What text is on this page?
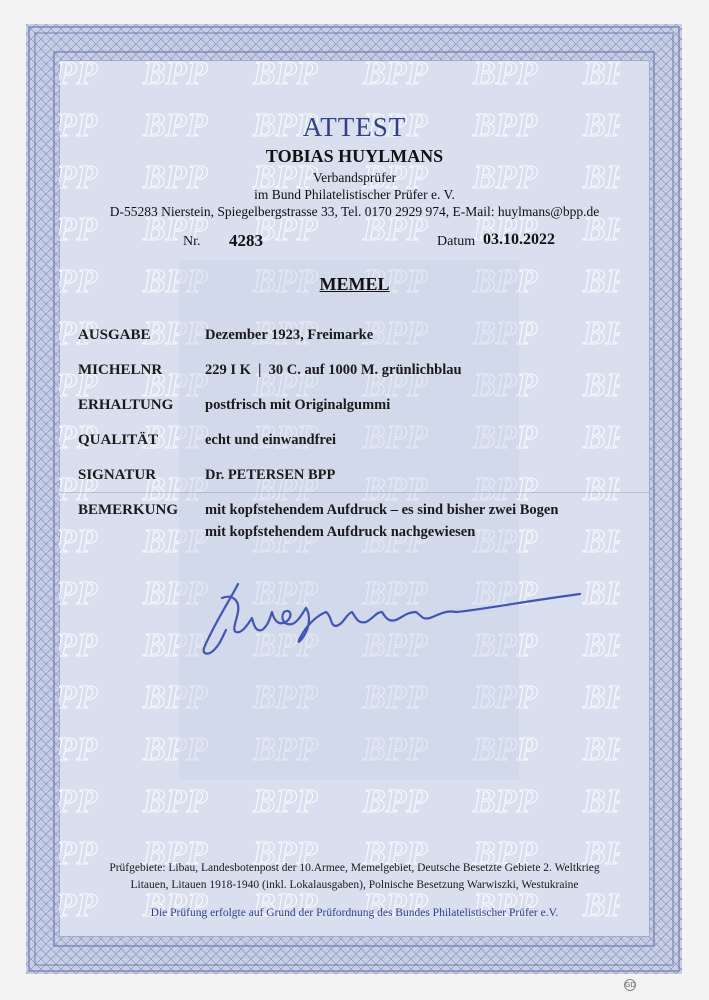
ATTEST
TOBIAS HUYLMANS
Verbandsprüfer
im Bund Philatelistischer Prüfer e. V.
D-55283 Nierstein, Spiegelbergstrasse 33, Tel. 0170 2929 974, E-Mail: huylmans@bpp.de
Nr. 4283	Datum 03.10.2022
MEMEL
AUSGABE	Dezember 1923, Freimarke
MICHELNR	229 I K  |  30 C. auf 1000 M. grünlichblau
ERHALTUNG postfrisch mit Originalgummi
QUALITÄT	echt und einwandfrei
SIGNATUR	Dr. PETERSEN BPP
BEMERKUNG mit kopfstehendem Aufdruck – es sind bisher zwei Bogen
mit kopfstehendem Aufdruck nachgewiesen
Prüfgebiete: Libau, Landesbotenpost der 10.Armee, Memelgebiet, Deutsche Besetzte Gebiete 2. Weltkrieg
Litauen, Litauen 1918-1940 (inkl. Lokalausgaben), Polnische Besetzung Warwiszki, Westukraine
Die Prüfung erfolgte auf Grund der Prüfordnung des Bundes Philatelistischer Prüfer e.V.
GD
